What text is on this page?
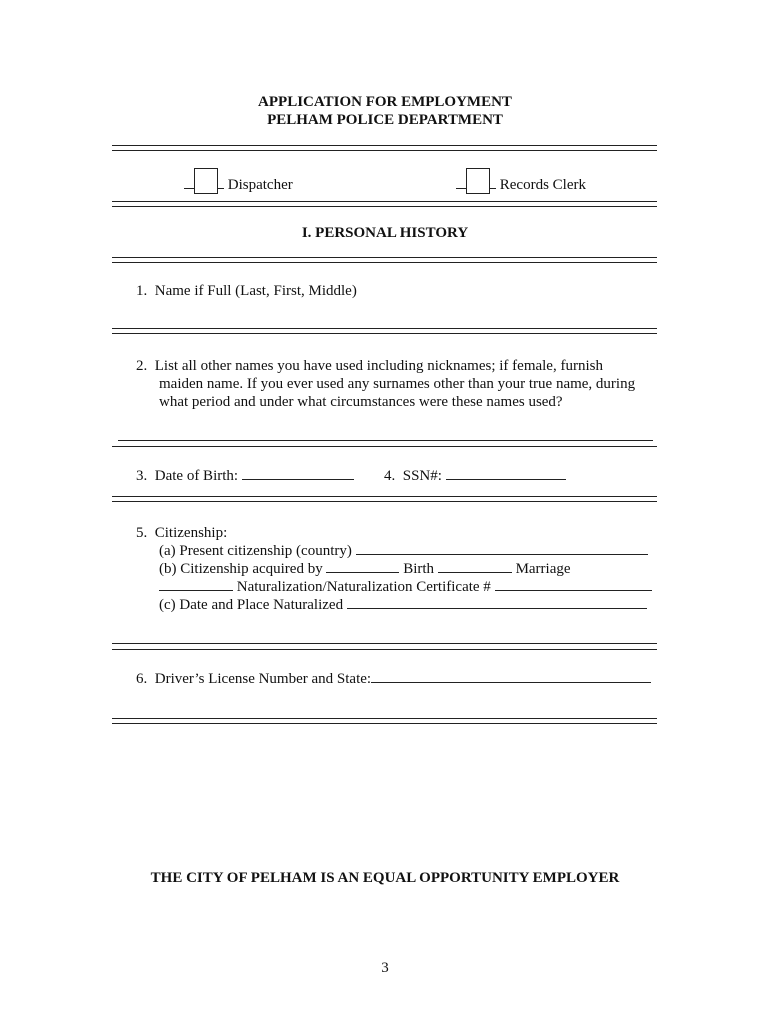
APPLICATION FOR EMPLOYMENT
PELHAM POLICE DEPARTMENT
Dispatcher	Records Clerk
I. PERSONAL HISTORY
1. Name if Full (Last, First, Middle)
2. List all other names you have used including nicknames; if female, furnish
maiden name. If you ever used any surnames other than your true name, during
what period and under what circumstances were these names used?
3. Date of Birth:	4. SSN#:
5. Citizenship:
(a) Present citizenship (country)
(b) Citizenship acquired by	Birth	Marriage
Naturalization/Naturalization Certificate #
(c) Date and Place Naturalized
6. Driver’s License Number and State:
THE CITY OF PELHAM IS AN EQUAL OPPORTUNITY EMPLOYER
3
